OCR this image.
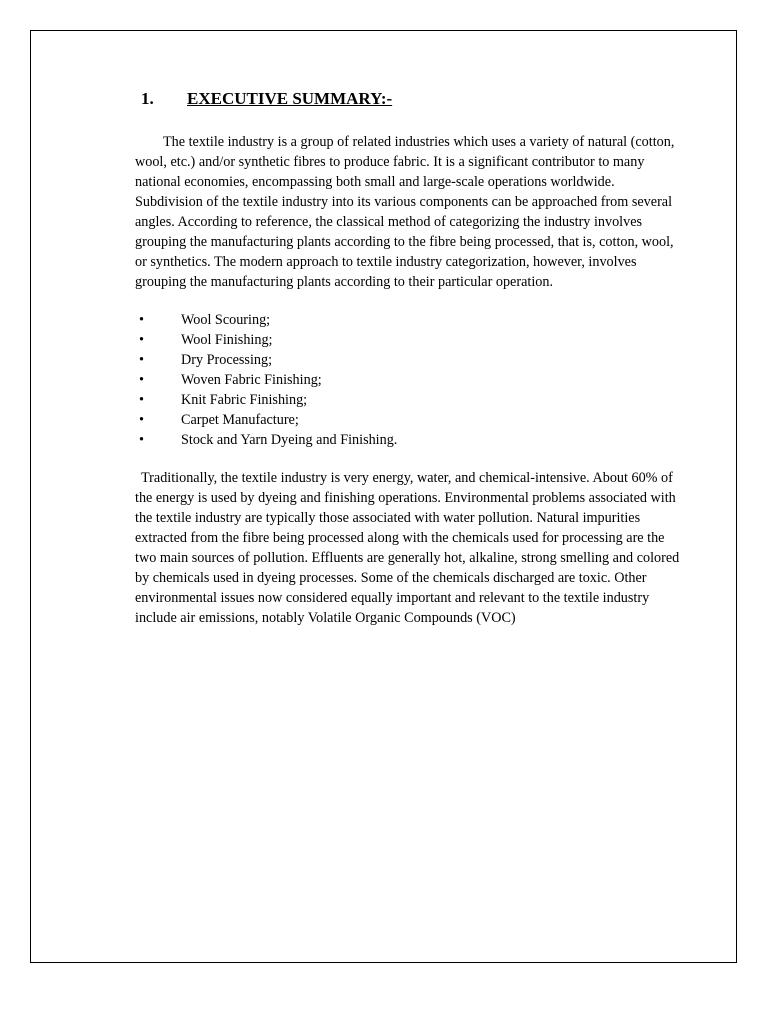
1. EXECUTIVE SUMMARY:-

The textile industry is a group of related industries which uses a variety of natural (cotton, wool, etc.) and/or synthetic fibres to produce fabric. It is a significant contributor to many national economies, encompassing both small and large-scale operations worldwide. Subdivision of the textile industry into its various components can be approached from several angles. According to reference, the classical method of categorizing the industry involves grouping the manufacturing plants according to the fibre being processed, that is, cotton, wool, or synthetics. The modern approach to textile industry categorization, however, involves grouping the manufacturing plants according to their particular operation.

•	Wool Scouring;
•	Wool Finishing;
•	Dry Processing;
•	Woven Fabric Finishing;
•	Knit Fabric Finishing;
•	Carpet Manufacture;
•	Stock and Yarn Dyeing and Finishing.

Traditionally, the textile industry is very energy, water, and chemical-intensive. About 60% of the energy is used by dyeing and finishing operations. Environmental problems associated with the textile industry are typically those associated with water pollution. Natural impurities extracted from the fibre being processed along with the chemicals used for processing are the two main sources of pollution. Effluents are generally hot, alkaline, strong smelling and colored by chemicals used in dyeing processes. Some of the chemicals discharged are toxic. Other environmental issues now considered equally important and relevant to the textile industry include air emissions, notably Volatile Organic Compounds (VOC)
